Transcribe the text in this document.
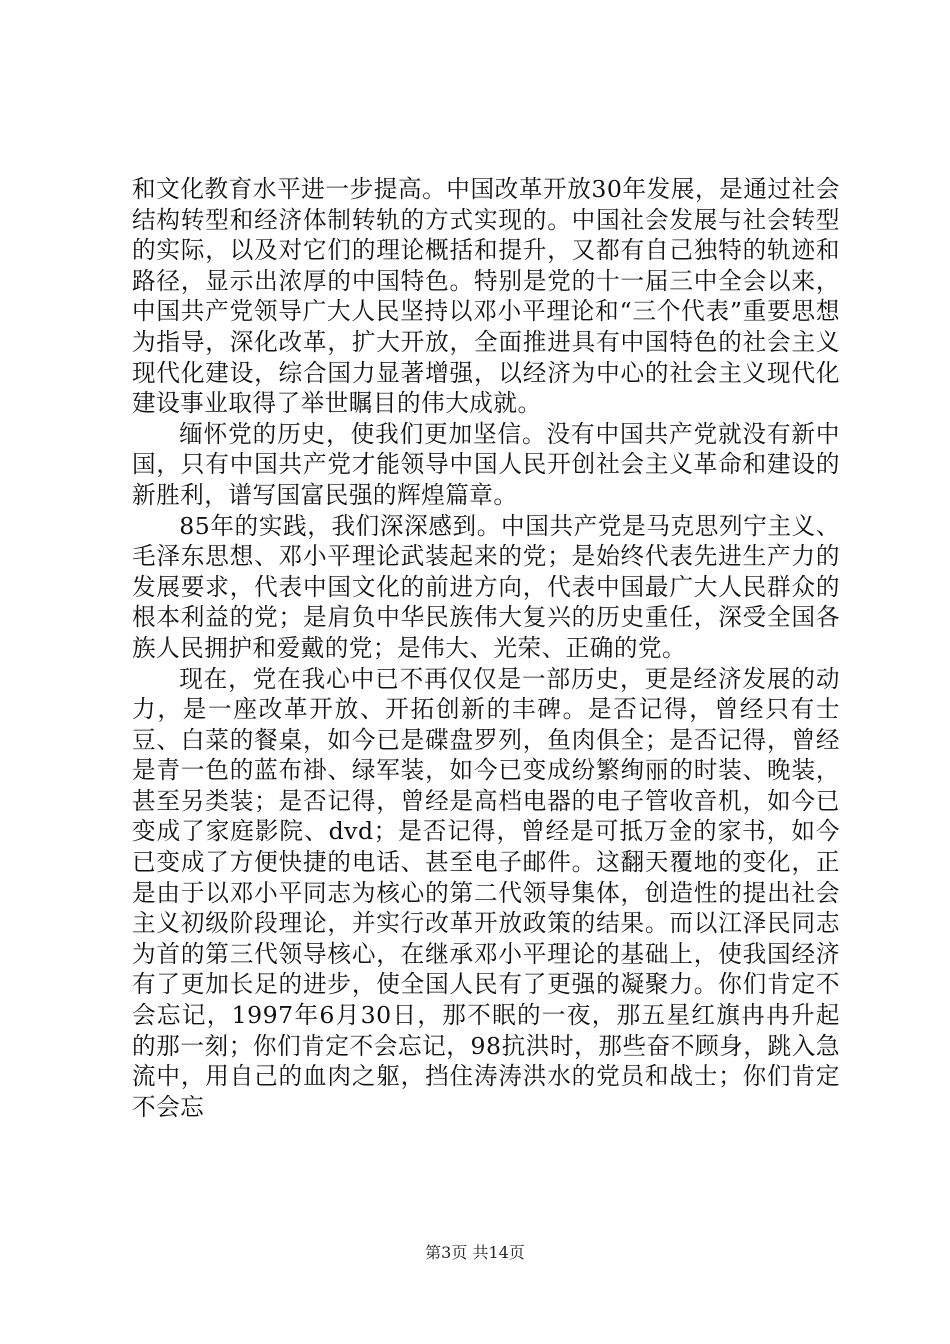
和文化教育水平进一步提高。中国改革开放30年发展，是通过社会结构转型和经济体制转轨的方式实现的。中国社会发展与社会转型的实际，以及对它们的理论概括和提升，又都有自己独特的轨迹和路径，显示出浓厚的中国特色。特别是党的十一届三中全会以来，中国共产党领导广大人民坚持以邓小平理论和“三个代表”重要思想为指导，深化改革，扩大开放，全面推进具有中国特色的社会主义现代化建设，综合国力显著增强，以经济为中心的社会主义现代化建设事业取得了举世瞩目的伟大成就。

缅怀党的历史，使我们更加坚信。没有中国共产党就没有新中国，只有中国共产党才能领导中国人民开创社会主义革命和建设的新胜利，谱写国富民强的辉煌篇章。

85年的实践，我们深深感到。中国共产党是马克思列宁主义、毛泽东思想、邓小平理论武装起来的党；是始终代表先进生产力的发展要求，代表中国文化的前进方向，代表中国最广大人民群众的根本利益的党；是肩负中华民族伟大复兴的历史重任，深受全国各族人民拥护和爱戴的党；是伟大、光荣、正确的党。

现在，党在我心中已不再仅仅是一部历史，更是经济发展的动力，是一座改革开放、开拓创新的丰碑。是否记得，曾经只有士豆、白菜的餐桌，如今已是碟盘罗列，鱼肉俱全；是否记得，曾经是青一色的蓝布褂、绿军装，如今已变成纷繁绚丽的时装、晚装，甚至另类装；是否记得，曾经是高档电器的电子管收音机，如今已变成了家庭影院、dvd；是否记得，曾经是可抵万金的家书，如今已变成了方便快捷的电话、甚至电子邮件。这翻天覆地的变化，正是由于以邓小平同志为核心的第二代领导集体，创造性的提出社会主义初级阶段理论，并实行改革开放政策的结果。而以江泽民同志为首的第三代领导核心，在继承邓小平理论的基础上，使我国经济有了更加长足的进步，使全国人民有了更强的凝聚力。你们肯定不会忘记，1997年6月30日，那不眠的一夜，那五星红旗冉冉升起的那一刻；你们肯定不会忘记，98抗洪时，那些奋不顾身，跳入急流中，用自己的血肉之躯，挡住涛涛洪水的党员和战士；你们肯定不会忘

第3页 共14页
